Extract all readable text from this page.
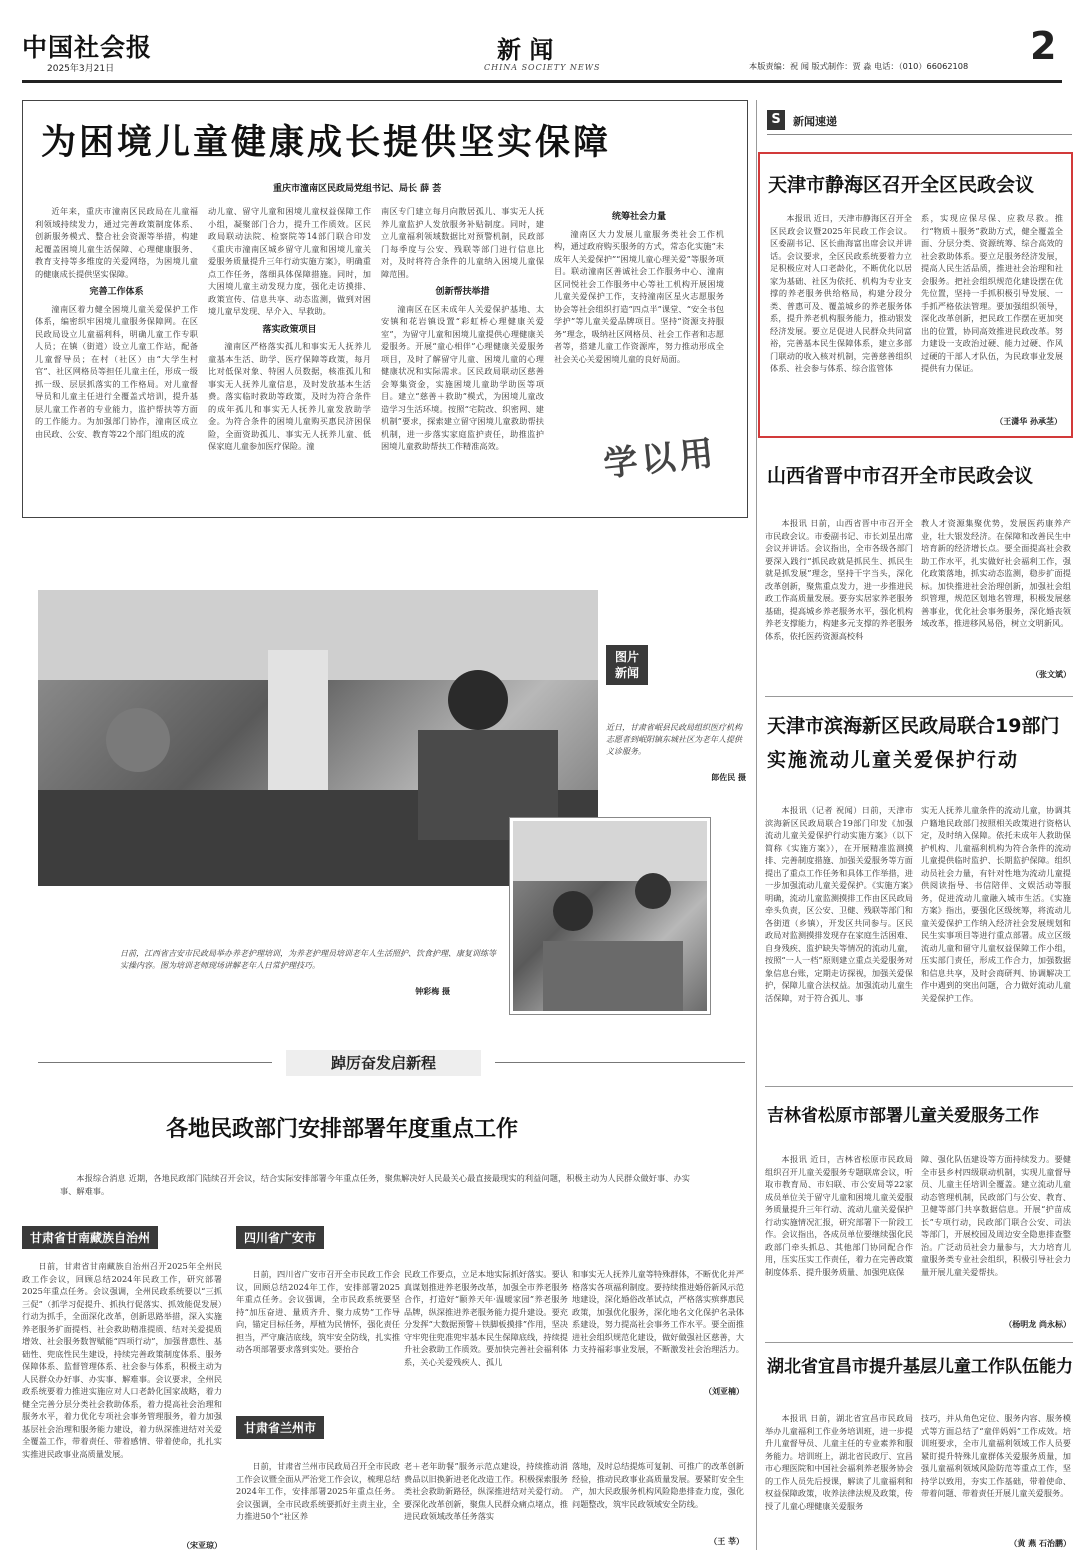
中国社会报
2025年3月21日
新 闻
CHINA SOCIETY NEWS	本版责编：祝 闻 版式制作：贾 淼 电话：（010）66062108 2
为困境儿童健康成长提供坚实保障
重庆市潼南区民政局党组书记、局长 薛 荟

近年来，重庆市潼南区民政局在儿童福利领域持续发力，通过完善政策制度体系、创新服务模式、整合社会资源等举措，构建起覆盖困境儿童生活保障、心理健康服务、教育支持等多维度的关爱网络，为困境儿童的健康成长提供坚实保障。

完善工作体系

潼南区着力健全困境儿童关爱保护工作体系，编密织牢困境儿童服务保障网。在区民政局设立儿童福利科，明确儿童工作专职人员；在镇（街道）设立儿童工作站，配备儿童督导员；在村（社区）由“大学生村官”、社区网格员等担任儿童主任，形成一级抓一级、层层抓落实的工作格局。对儿童督导员和儿童主任进行全覆盖式培训，提升基层儿童工作者的专业能力，监护帮扶等方面的工作能力。为加强部门协作，潼南区成立由民政、公安、教育等22个部门组成的流

动儿童、留守儿童和困境儿童权益保障工作小组，凝聚部门合力，提升工作质效。区民政局联动法院、检察院等14部门联合印发《重庆市潼南区城乡留守儿童和困境儿童关爱服务质量提升三年行动实施方案》，明确重点工作任务，落细具体保障措施。同时，加大困境儿童主动发现力度，强化走访摸排、政策宣传、信息共享、动态监测，做到对困境儿童早发现、早介入、早救助。

落实政策项目

潼南区严格落实孤儿和事实无人抚养儿童基本生活、助学、医疗保障等政策，每月比对低保对象、特困人员数据，核准孤儿和事实无人抚养儿童信息，及时发放基本生活费。落实临时救助等政策，及时为符合条件的成年孤儿和事实无人抚养儿童发放助学金。为符合条件的困境儿童购买惠民济困保险，全面资助孤儿、事实无人抚养儿童、低保家庭儿童参加医疗保险。潼

南区专门建立每月向散居孤儿、事实无人抚养儿童监护人发放服务补贴制度。同时，建立儿童福利领域数据比对预警机制，民政部门每季度与公安、残联等部门进行信息比对，及时将符合条件的儿童纳入困境儿童保障范围。

创新帮扶举措

潼南区在区未成年人关爱保护基地、太安镇和花岩镇设置“彩虹桥心理健康关爱室”，为留守儿童和困境儿童提供心理健康关爱服务。开展“童心相伴”心理健康关爱服务项目，及时了解留守儿童、困境儿童的心理健康状况和实际需求。区民政局联动区慈善会筹集资金，实施困境儿童助学助医等项目。建立“慈善＋救助”模式，为困境儿童改造学习生活环境。按照“宅院改、织密网、建机制”要求，探索建立留守困境儿童救助帮扶机制，进一步落实家庭监护责任，助推监护困境儿童救助帮扶工作精准高效。

统筹社会力量

潼南区大力发展儿童服务类社会工作机构，通过政府购买服务的方式，常态化实施“未成年人关爱保护”“困境儿童心理关爱”等服务项目。联动潼南区善诚社会工作服务中心、潼南区同悦社会工作服务中心等社工机构开展困境儿童关爱保护工作，支持潼南区星火志愿服务协会等社会组织打造“四点半”课堂、“安全书包学护”等儿童关爱品牌项目。坚持“资源支持服务”理念，吸纳社区网格员、社会工作者和志愿者等，搭建儿童工作资源库，努力推动形成全社会关心关爱困境儿童的良好局面。

学以用
S	新闻速递
天津市静海区召开全区民政会议
本报讯 近日，天津市静海区召开全区民政会议暨2025年民政工作会议。区委副书记、区长曲海富出席会议并讲话。会议要求，全区民政系统要着力立足积极应对人口老龄化，不断优化以居家为基础、社区为依托、机构为专业支撑的养老服务供给格局，构建分段分类、普惠可及、覆盖城乡的养老服务体系，提升养老机构服务能力，推动银发经济发展。要立足促进人民群众共同富裕，完善基本民生保障体系，建立多部门联动的收入核对机制，完善慈善组织体系、社会参与体系、综合监管体
系，实现应保尽保、应救尽救。推行“物质＋服务”救助方式，健全覆盖全面、分层分类、资源统筹、综合高效的社会救助体系。要立足服务经济发展，提高人民生活品质，推进社会治理和社会服务。把社会组织规范化建设摆在优先位置，坚持一手抓积极引导发展、一手抓严格依法管理。要加强组织领导，深化改革创新，把民政工作摆在更加突出的位置，协同高效推进民政改革。努力建设一支政治过硬、能力过硬、作风过硬的干部人才队伍，为民政事业发展提供有力保证。
（王潇华 孙承茎）
山西省晋中市召开全市民政会议
本报讯 日前，山西省晋中市召开全市民政会议。市委副书记、市长刘星出席会议并讲话。会议指出，全市各级各部门要深入践行“抓民政就是抓民生、抓民生就是抓发展”理念，坚持干字当头，深化改革创新，聚焦重点发力，进一步推进民政工作高质量发展。要夯实居家养老服务基础，提高城乡养老服务水平，强化机构养老支撑能力，构建多元支撑的养老服务体系，依托医药资源高校科
教人才资源集聚优势，发展医药康养产业，壮大银发经济。在保障和改善民生中培育新的经济增长点。要全面提高社会救助工作水平，扎实做好社会福利工作，强化政策落地，抓实动态监测，稳步扩面提标。加快推进社会治理创新，加强社会组织管理，规范区划地名管理，积极发展慈善事业，优化社会事务服务，深化婚丧领域改革，推进移风易俗，树立文明新风。
（张文斌）
天津市滨海新区民政局联合19部门
实施流动儿童关爱保护行动
本报讯（记者 祝闻）日前，天津市滨海新区民政局联合19部门印发《加强流动儿童关爱保护行动实施方案》（以下简称《实施方案》），在开展精准监测摸排、完善制度措施、加强关爱服务等方面提出了重点工作任务和具体工作举措，进一步加强流动儿童关爱保护。《实施方案》明确，流动儿童监测摸排工作由区民政局牵头负责，区公安、卫健、残联等部门和各街道（乡镇），开发区共同参与。区民政局对监测摸排发现存在家庭生活困难、自身残疾、监护缺失等情况的流动儿童，按照“一人一档”原则建立重点关爱服务对象信息台账，定期走访探视，加强关爱保护，保障儿童合法权益。加强流动儿童生活保障，对于符合孤儿、事
实无人抚养儿童条件的流动儿童，协调其户籍地民政部门按照相关政策进行资格认定，及时纳入保障。依托未成年人救助保护机构、儿童福利机构为符合条件的流动儿童提供临时监护、长期监护保障。组织动员社会力量，有针对性地为流动儿童提供阅读指导、书信陪伴、文娱活动等服务，促进流动儿童融入城市生活。《实施方案》指出，要强化区级统筹，将流动儿童关爱保护工作纳入经济社会发展规划和民生实事项目等进行重点部署。成立区级流动儿童和留守儿童权益保障工作小组，压实部门责任，形成工作合力，加强数据和信息共享，及时会商研判、协调解决工作中遇到的突出问题，合力做好流动儿童关爱保护工作。
吉林省松原市部署儿童关爱服务工作
本报讯 近日，吉林省松原市民政局组织召开儿童关爱服务专题联席会议，听取市教育局、市妇联、市公安局等22家成员单位关于留守儿童和困境儿童关爱服务质量提升三年行动、流动儿童关爱保护行动实施情况汇报，研究部署下一阶段工作。会议指出，各成员单位要继续强化民政部门牵头抓总、其他部门协同配合作用，压实压实工作责任，着力在完善政策制度体系、提升服务质量、加强兜底保
障、强化队伍建设等方面持续发力。要健全市县乡村四级联动机制，实现儿童督导员、儿童主任培训全覆盖。建立流动儿童动态管理机制，民政部门与公安、教育、卫健等部门共享数据信息。开展“护苗成长”专项行动，民政部门联合公安、司法等部门，开展校园及周边安全隐患排查整治。广泛动员社会力量参与，大力培育儿童服务类专业社会组织，积极引导社会力量开展儿童关爱帮扶。
（杨明龙 尚永标）
湖北省宜昌市提升基层儿童工作队伍能力
本报讯 日前，湖北省宜昌市民政局举办儿童福利工作业务培训班，进一步提升儿童督导员、儿童主任的专业素养和服务能力。培训班上，湖北省民政厅、宜昌市心理医院和中国社会福利养老服务协会的工作人员先后授课，解读了儿童福利和权益保障政策，收养法律法规及政策，传授了儿童心理健康关爱服务
技巧，并从角色定位、服务内容、服务模式等方面总结了“童伴妈妈”工作成效。培训班要求，全市儿童福利领域工作人员要紧盯提升特殊儿童群体关爱服务质量，加强儿童福利领域风险防范等重点工作，坚持学以致用，夯实工作基础，带着使命、带着问题、带着责任开展儿童关爱服务。
（黄 燕 石治鹏）
图片新闻
近日，甘肃省岷县民政局组织医疗机构志愿者到岷阳镇东城社区为老年人提供义诊服务。
郎佐民 摄
日前，江西省吉安市民政局举办养老护理培训，为养老护理员培训老年人生活照护、饮食护理、康复训练等实操内容。图为培训老师现场讲解老年人日常护理技巧。
钟彩梅 摄
踔厉奋发启新程
各地民政部门安排部署年度重点工作
本报综合消息 近期，各地民政部门陆续召开会议，结合实际安排部署今年重点任务，聚焦解决好人民最关心最直接最现实的利益问题，积极主动为人民群众做好事、办实事、解难事。
甘肃省甘南藏族自治州
日前，甘肃省甘南藏族自治州召开2025年全州民政工作会议，回顾总结2024年民政工作，研究部署2025年重点任务。会议强调，全州民政系统要以“三抓三促”（抓学习促提升、抓执行促落实、抓效能促发展）行动为抓手，全面深化改革，创新思路举措，深入实施养老服务扩面提档、社会救助精准提质、结对关爱提质增效、社会服务数智赋能“四项行动”，加强普惠性、基础性、兜底性民生建设，持续完善政策制度体系、服务保障体系、监督管理体系、社会参与体系，积极主动为人民群众办好事、办实事、解难事。会议要求，全州民政系统要着力推进实施应对人口老龄化国家战略，着力健全完善分层分类社会救助体系，着力提高社会治理和服务水平，着力优化专项社会事务管理服务，着力加强基层社会治理和服务能力建设，着力纵深推进结对关爱全覆盖工作，带着责任、带着感情、带着使命，扎扎实实推进民政事业高质量发展。
（宋亚琼）
四川省广安市
日前，四川省广安市召开全市民政工作会议，回顾总结2024年工作，安排部署2025年重点任务。会议强调，全市民政系统要坚持“加压奋进、量质齐升、聚力成势”工作导向，锚定目标任务，厚植为民情怀，强化责任担当，严守廉洁底线，筑牢安全防线，扎实推动各项部署要求落到实处。要抬合
民政工作要点，立足本地实际抓好落实。要认真谋划推进养老服务改革，加强全市养老服务合作，打造好“颐养天年·温暖家园”养老服务品牌，纵深推进养老服务能力提升建设。要充分发挥“大数据预警＋铁脚板摸排”作用，坚决守牢兜住兜准兜牢基本民生保障底线，持续提升社会救助工作质效。要加快完善社会福利体系，关心关爱残疾人、孤儿
和事实无人抚养儿童等特殊群体，不断优化并严格落实各项福利制度。要持续推进婚俗新风示范地建设，深化婚俗改革试点，严格落实殡葬惠民政策，加强优化服务，深化地名文化保护名录体系建设，努力提高社会事务工作水平。要全面推进社会组织规范化建设，做好做强社区慈善，大力支持福彩事业发展，不断激发社会治理活力。
（刘亚楠）
甘肃省兰州市
日前，甘肃省兰州市民政局召开全市民政工作会议暨全面从严治党工作会议，梳理总结2024年工作，安排部署2025年重点任务。会议强调，全市民政系统要抓好主责主业，全力推进50个“社区养
老＋老年助餐”服务示范点建设，持续推动消费品以旧换新进老化改造工作。积极探索服务类社会救助新路径，纵深推进结对关爱行动。要深化改革创新，聚焦人民群众痛点堵点，推进民政领域改革任务落实
落地，及时总结提炼可复制、可推广的改革创新经验，推动民政事业高质量发展。要紧盯安全生产，加大民政服务机构风险隐患排查力度，强化问题整改，筑牢民政领域安全防线。
（王 莘）
